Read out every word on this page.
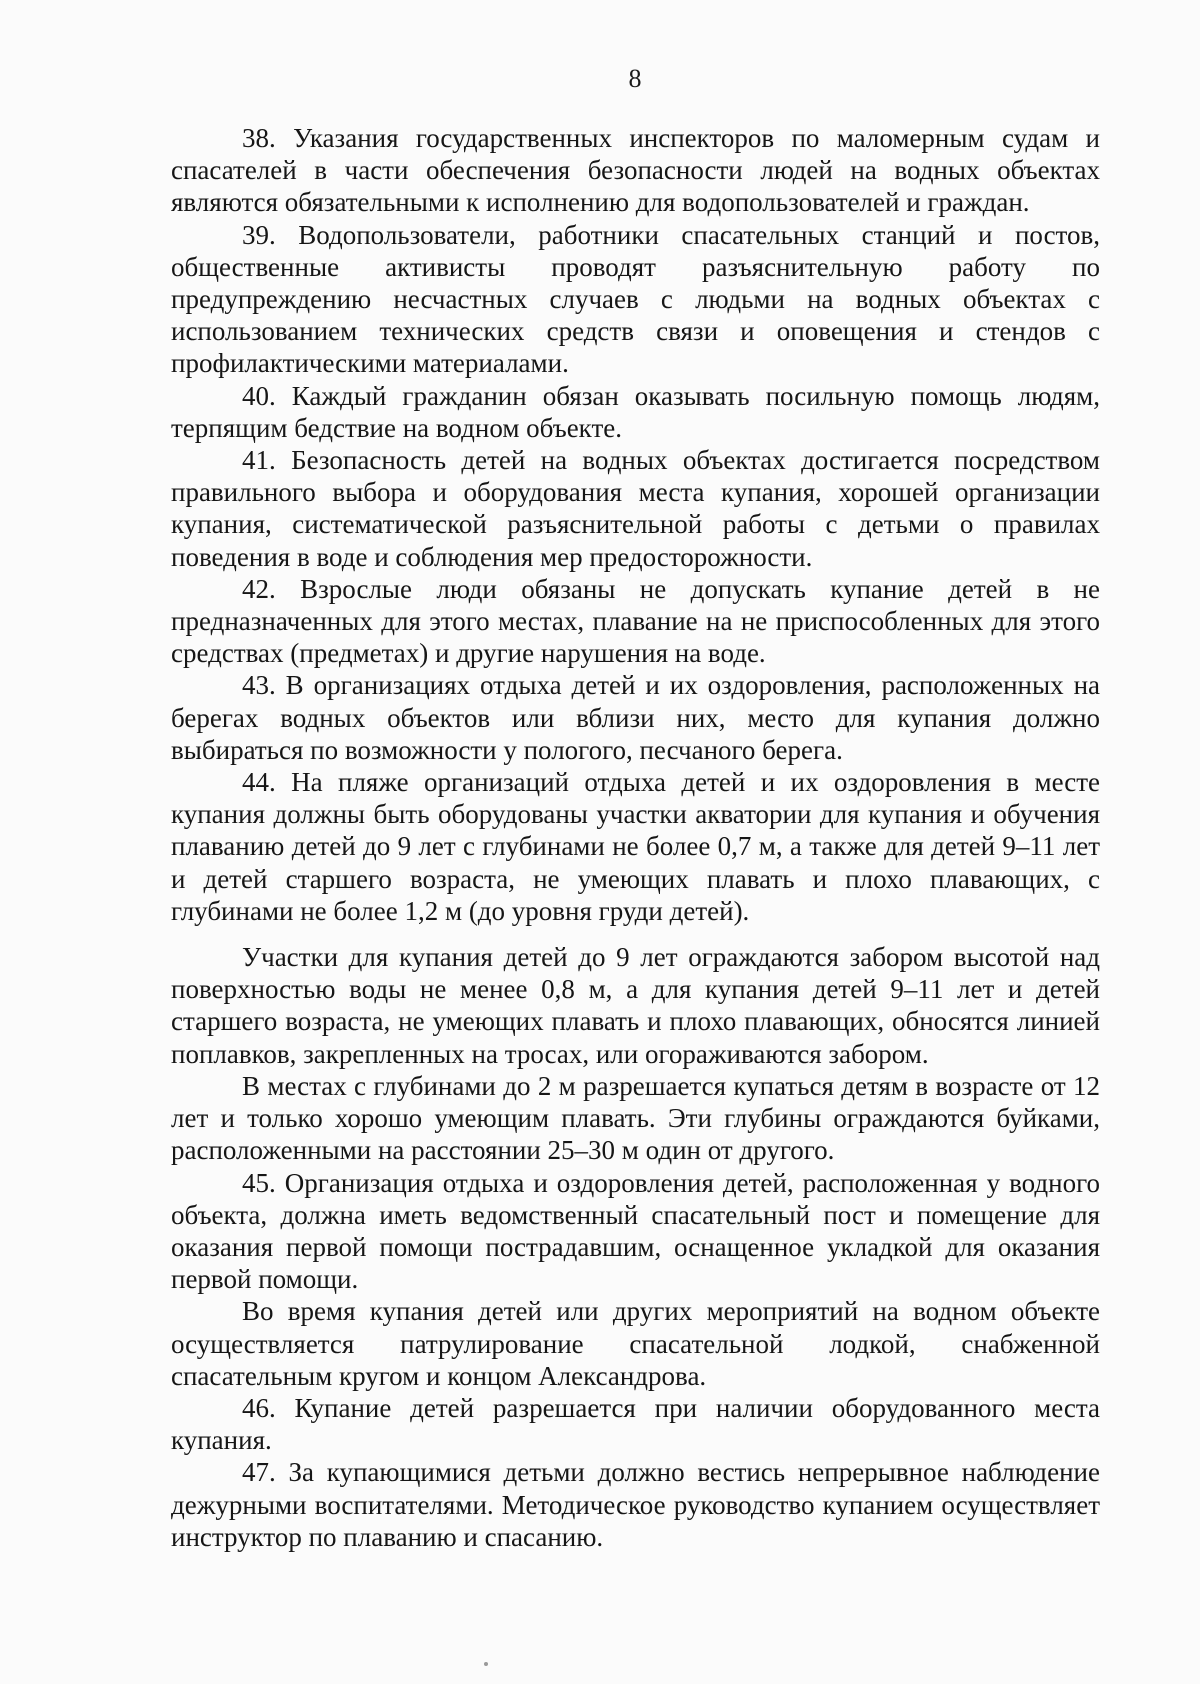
8

38. Указания государственных инспекторов по маломерным судам и спасателей в части обеспечения безопасности людей на водных объектах являются обязательными к исполнению для водопользователей и граждан.

39. Водопользователи, работники спасательных станций и постов, общественные активисты проводят разъяснительную работу по предупреждению несчастных случаев с людьми на водных объектах с использованием технических средств связи и оповещения и стендов с профилактическими материалами.

40. Каждый гражданин обязан оказывать посильную помощь людям, терпящим бедствие на водном объекте.

41. Безопасность детей на водных объектах достигается посредством правильного выбора и оборудования места купания, хорошей организации купания, систематической разъяснительной работы с детьми о правилах поведения в воде и соблюдения мер предосторожности.

42. Взрослые люди обязаны не допускать купание детей в не предназначенных для этого местах, плавание на не приспособленных для этого средствах (предметах) и другие нарушения на воде.

43. В организациях отдыха детей и их оздоровления, расположенных на берегах водных объектов или вблизи них, место для купания должно выбираться по возможности у пологого, песчаного берега.

44. На пляже организаций отдыха детей и их оздоровления в месте купания должны быть оборудованы участки акватории для купания и обучения плаванию детей до 9 лет с глубинами не более 0,7 м, а также для детей 9–11 лет и детей старшего возраста, не умеющих плавать и плохо плавающих, с глубинами не более 1,2 м (до уровня груди детей).

Участки для купания детей до 9 лет ограждаются забором высотой над поверхностью воды не менее 0,8 м, а для купания детей 9–11 лет и детей старшего возраста, не умеющих плавать и плохо плавающих, обносятся линией поплавков, закрепленных на тросах, или огораживаются забором.

В местах с глубинами до 2 м разрешается купаться детям в возрасте от 12 лет и только хорошо умеющим плавать. Эти глубины ограждаются буйками, расположенными на расстоянии 25–30 м один от другого.

45. Организация отдыха и оздоровления детей, расположенная у водного объекта, должна иметь ведомственный спасательный пост и помещение для оказания первой помощи пострадавшим, оснащенное укладкой для оказания первой помощи.

Во время купания детей или других мероприятий на водном объекте осуществляется патрулирование спасательной лодкой, снабженной спасательным кругом и концом Александрова.

46. Купание детей разрешается при наличии оборудованного места купания.

47. За купающимися детьми должно вестись непрерывное наблюдение дежурными воспитателями. Методическое руководство купанием осуществляет инструктор по плаванию и спасанию.
